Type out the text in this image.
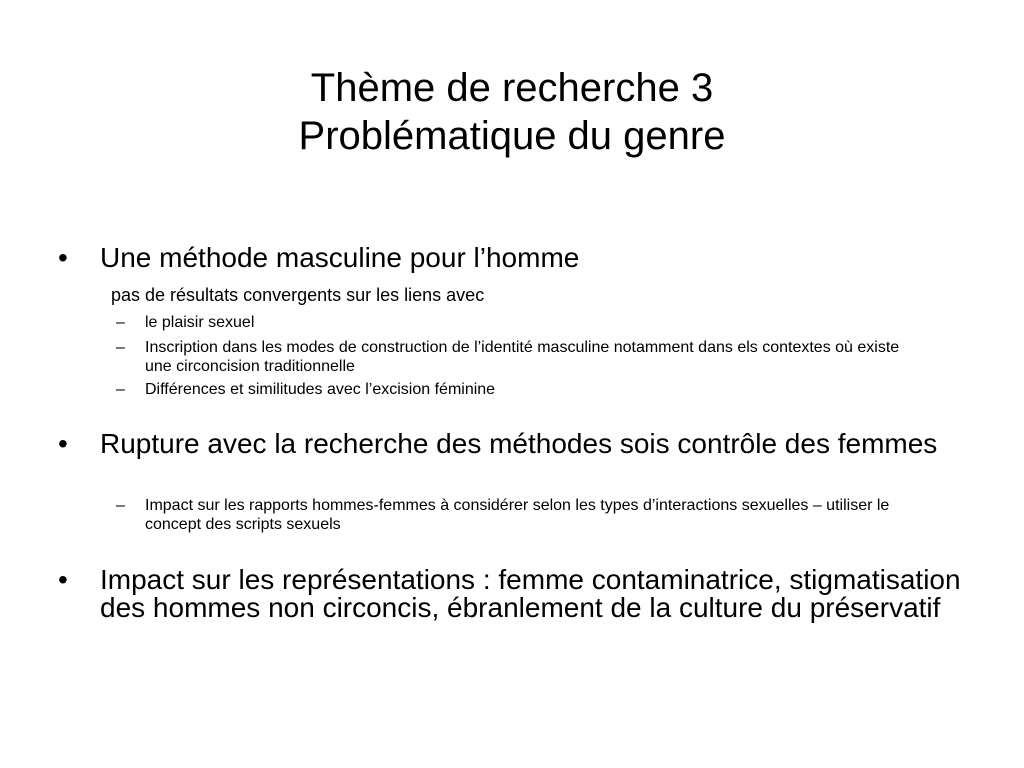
Thème de recherche 3
Problématique du genre
• Une méthode masculine pour l’homme
pas de résultats convergents sur les liens avec
– le plaisir sexuel
– Inscription dans les modes de construction de l’identité masculine notamment dans els contextes où existe une circoncision traditionnelle
– Différences et similitudes avec l’excision féminine
• Rupture avec la recherche des méthodes sois contrôle des femmes
– Impact sur les rapports hommes-femmes à considérer selon les types d’interactions sexuelles – utiliser le concept des scripts sexuels
• Impact sur les représentations : femme contaminatrice, stigmatisation des hommes non circoncis, ébranlement de la culture du préservatif
